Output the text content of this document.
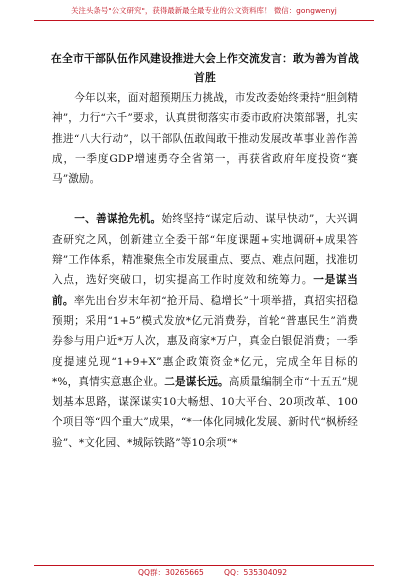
关注头条号"公文研究"，获得最新最全最专业的公文资料库！ 微信：gongwenyj
在全市干部队伍作风建设推进大会上作交流发言：敢为善为首战首胜

今年以来，面对超预期压力挑战，市发改委始终秉持“胆剑精神”，力行“六千”要求，认真贯彻落实市委市政府决策部署，扎实推进“八大行动”，以干部队伍敢闯敢干推动发展改革事业善作善成，一季度GDP增速勇夺全省第一，再获省政府年度投资“赛马”激励。

一、善谋抢先机。始终坚持“谋定后动、谋早快动”，大兴调查研究之风，创新建立全委干部“年度课题+实地调研+成果答辩”工作体系，精准聚焦全市发展重点、要点、难点问题，找准切入点，选好突破口，切实提高工作时度效和统筹力。一是谋当前。率先出台岁末年初“抢开局、稳增长”十项举措，真招实招稳预期；采用“1+5”模式发放*亿元消费券，首轮“普惠民生”消费券参与用户近*万人次，惠及商家*万户，真金白银促消费；一季度提速兑现“1+9+X”惠企政策资金*亿元，完成全年目标的*%，真情实意惠企业。二是谋长远。高质量编制全市“十五五”规划基本思路，谋深谋实10大畅想、10大平台、20项改革、100个项目等“四个重大”成果，“*一体化同城化发展、新时代“枫桥经验”、*文化园、*城际铁路”等10余项“*

QQ群：30265665	QQ：535304092
